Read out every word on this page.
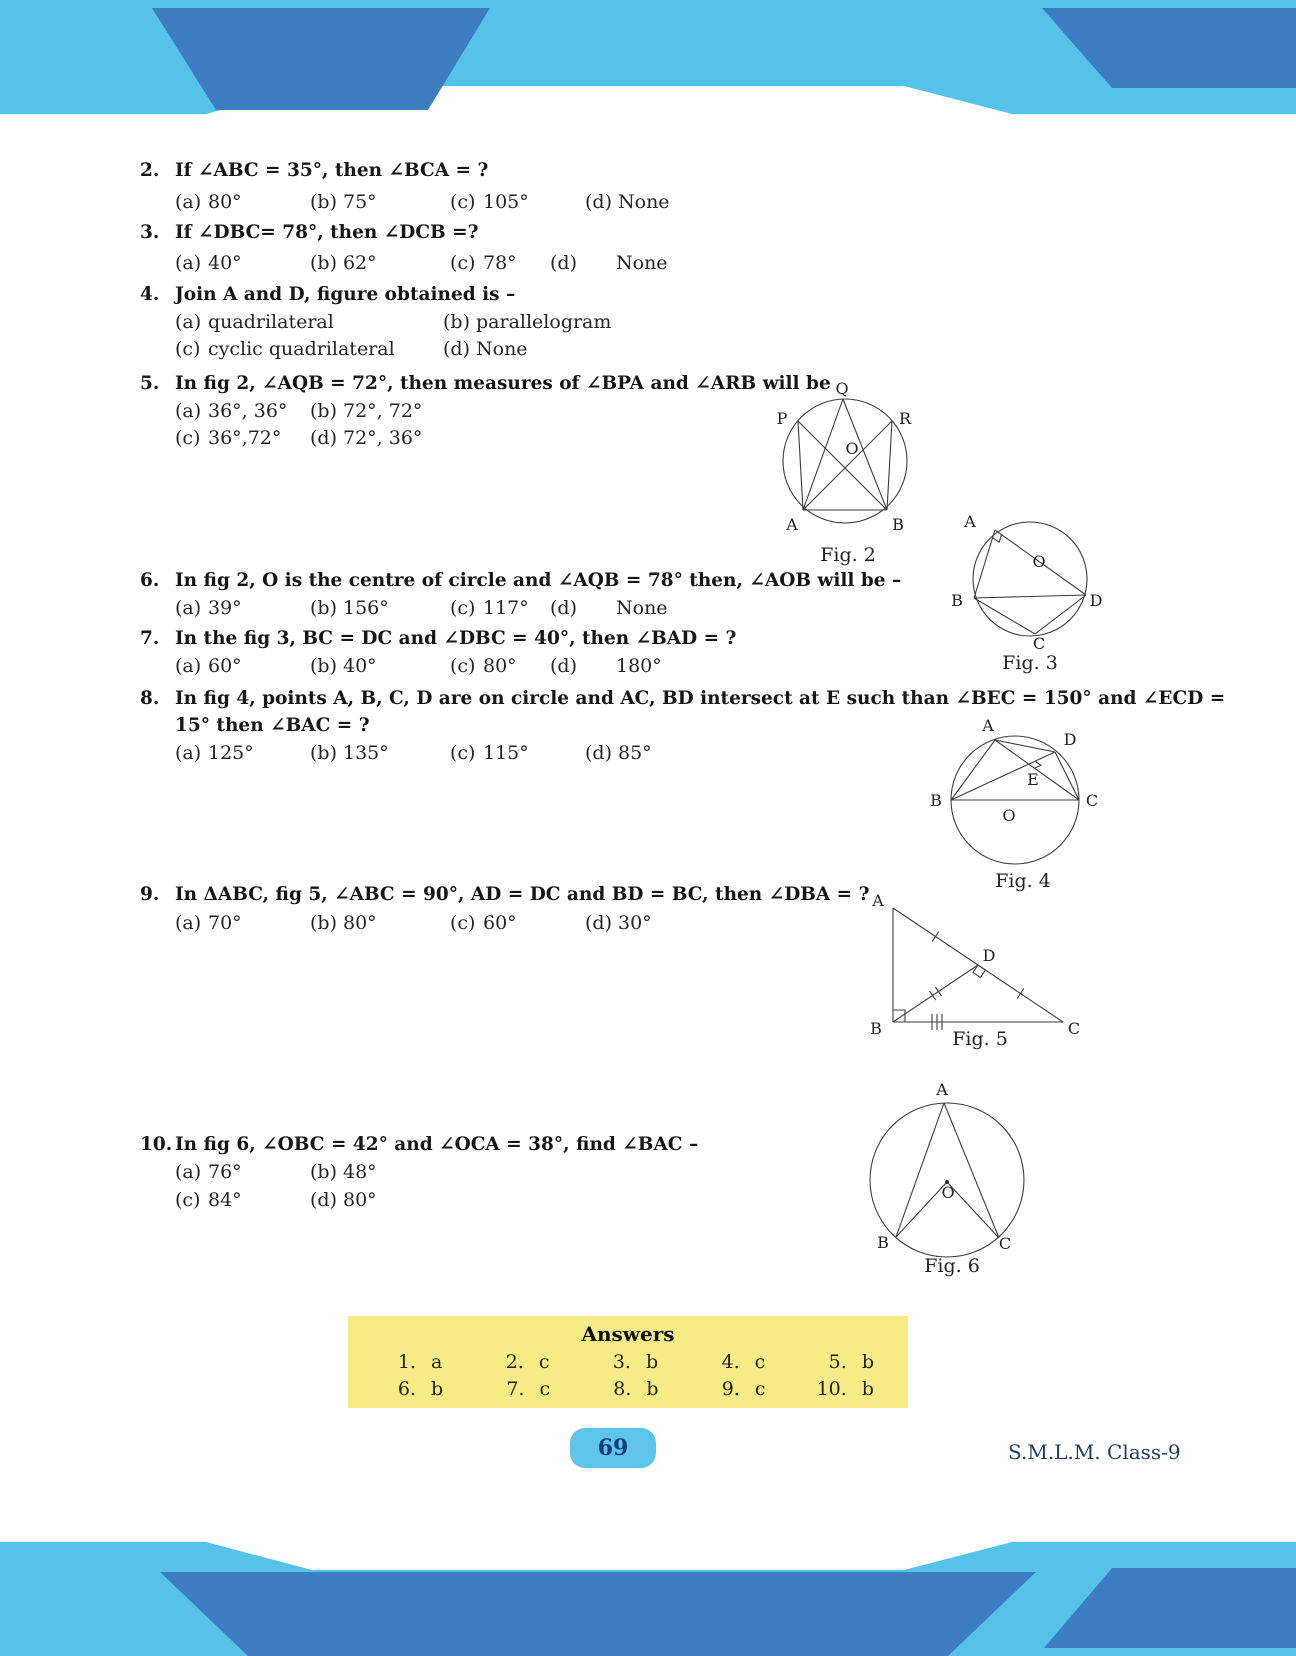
2. If ∠ABC = 35°, then ∠BCA = ?
(a) 80°	(b) 75°	(c) 105°	(d) None
3. If ∠DBC= 78°, then ∠DCB =?
(a) 40°	(b) 62°	(c) 78° (d) None
4. Join A and D, figure obtained is –
(a) quadrilateral	(b) parallelogram
(c) cyclic quadrilateral	(d) None
5. In fig 2, ∠AQB = 72°, then measures of ∠BPA and ∠ARB will be
(a) 36°, 36° (b) 72°, 72°
(c) 36°,72° (d) 72°, 36°
6. In fig 2, O is the centre of circle and ∠AQB = 78° then, ∠AOB will be –
(a) 39°	(b) 156°	(c) 117° (d) None
7. In the fig 3, BC = DC and ∠DBC = 40°, then ∠BAD = ?
(a) 60°	(b) 40°	(c) 80° (d) 180°
8. In fig 4, points A, B, C, D are on circle and AC, BD intersect at E such than ∠BEC = 150° and ∠ECD = 15° then ∠BAC = ?
(a) 125°	(b) 135°	(c) 115°	(d) 85°
9. In ΔABC, fig 5, ∠ABC = 90°, AD = DC and BD = BC, then ∠DBA = ?
(a) 70°	(b) 80°	(c) 60°	(d) 30°
10. In fig 6, ∠OBC = 42° and ∠OCA = 38°, find ∠BAC –
(a) 76°	(b) 48°
(c) 84°	(d) 80°
P
Q
R
O
A	B
Fig. 2
A
B
C
D
O
Fig. 3
A
D
B	C
E
O
Fig. 4
A
B	C
D
Fig. 5
A
B	C
O
Fig. 6
Answers
1. a	2. c	3. b	4. c	5. b
6. b	7. c	8. b	9. c	10. b
69	S.M.L.M. Class-9
